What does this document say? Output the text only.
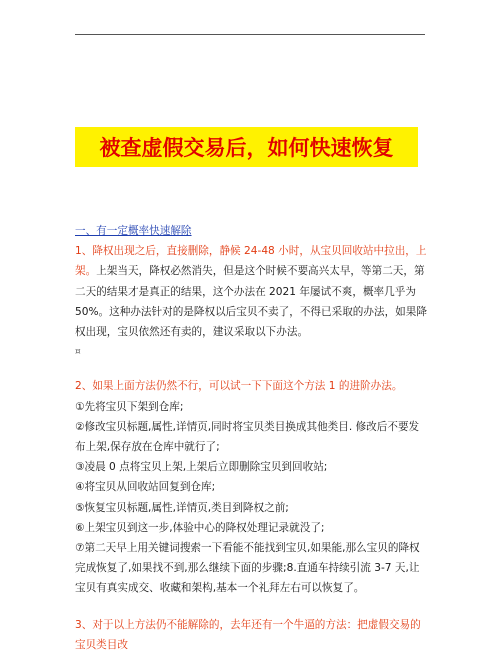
被查虚假交易后，如何快速恢复

一、有一定概率快速解除

1、降权出现之后，直接删除，静候 24-48 小时，从宝贝回收站中拉出，上架。上架当天，降权必然消失，但是这个时候不要高兴太早，等第二天，第二天的结果才是真正的结果，这个办法在 2021 年屡试不爽，概率几乎为 50%。这种办法针对的是降权以后宝贝不卖了，不得已采取的办法，如果降权出现，宝贝依然还有卖的，建议采取以下办法。

¤

2、如果上面方法仍然不行，可以试一下下面这个方法 1 的进阶办法。

①先将宝贝下架到仓库;

②修改宝贝标题,属性,详情页,同时将宝贝类目换成其他类目. 修改后不要发布上架,保存放在仓库中就行了;

③凌晨 0 点将宝贝上架,上架后立即删除宝贝到回收站;

④将宝贝从回收站回复到仓库;

⑤恢复宝贝标题,属性,详情页,类目到降权之前;

⑥上架宝贝到这一步,体验中心的降权处理记录就没了;

⑦第二天早上用关键词搜索一下看能不能找到宝贝,如果能,那么宝贝的降权完成恢复了,如果找不到,那么继续下面的步骤;8.直通车持续引流 3-7 天,让宝贝有真实成交、收藏和架构,基本一个礼拜左右可以恢复了。

3、对于以上方法仍不能解除的，去年还有一个牛逼的方法：把虚假交易的宝贝类目改
